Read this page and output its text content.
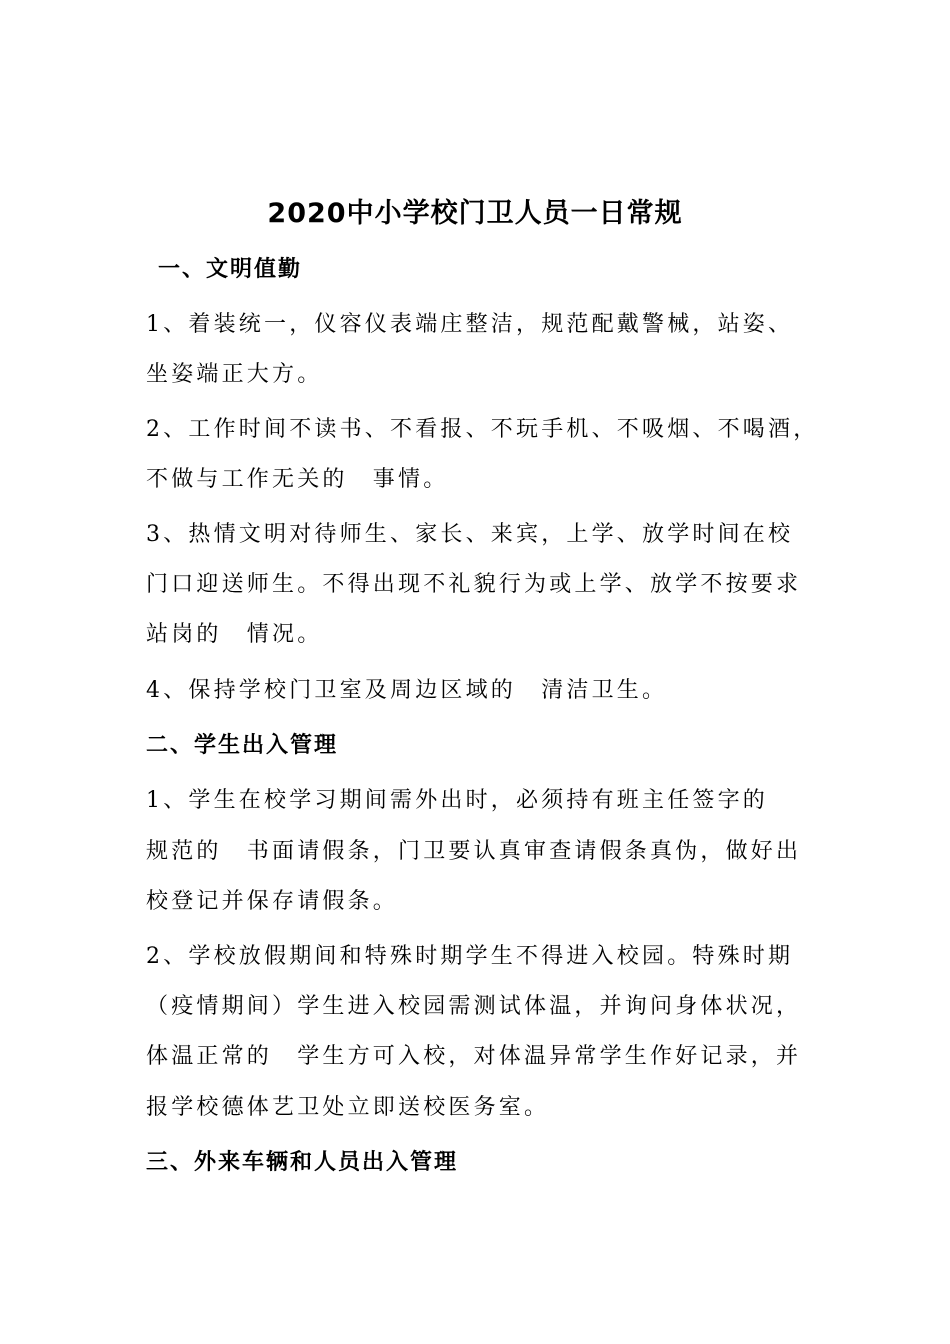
2020中小学校门卫人员一日常规
一、文明值勤
1、着装统一，仪容仪表端庄整洁，规范配戴警械，站姿、
坐姿端正大方。
2、工作时间不读书、不看报、不玩手机、不吸烟、不喝酒，
不做与工作无关的　事情。
3、热情文明对待师生、家长、来宾，上学、放学时间在校
门口迎送师生。不得出现不礼貌行为或上学、放学不按要求
站岗的　情况。
4、保持学校门卫室及周边区域的　清洁卫生。
二、学生出入管理
1、学生在校学习期间需外出时，必须持有班主任签字的
规范的　书面请假条，门卫要认真审查请假条真伪，做好出
校登记并保存请假条。
2、学校放假期间和特殊时期学生不得进入校园。特殊时期
（疫情期间）学生进入校园需测试体温，并询问身体状况，
体温正常的　学生方可入校，对体温异常学生作好记录，并
报学校德体艺卫处立即送校医务室。
三、外来车辆和人员出入管理
